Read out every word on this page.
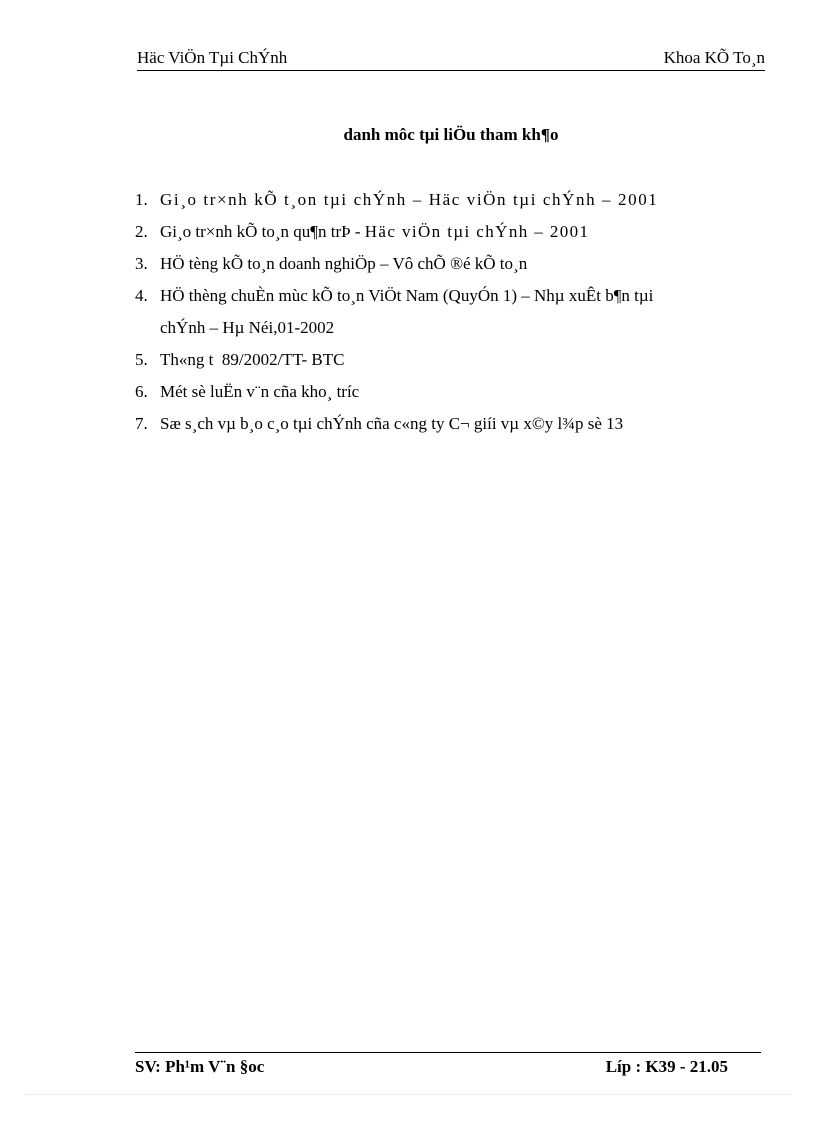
Häc ViÖn Tµi ChÝnh	Khoa KÕ To¸n
danh môc tµi liÖu tham kh¶o
1. Gi¸o tr×nh kÕ t¸on tµi chÝnh – Häc viÖn tµi chÝnh – 2001
2. Gi¸o tr×nh kÕ to¸n qu¶n trÞ - Häc viÖn tµi chÝnh – 2001
3. HÖ tèng kÕ to¸n doanh nghiÖp – Vô chÕ ®é kÕ to¸n
4. HÖ thèng chuÈn mùc kÕ to¸n ViÖt Nam (QuyÓn 1) – Nhµ xuÊt b¶n tµi
chÝnh – Hµ Néi,01-2002
5. Th«ng t  89/2002/TT- BTC
6. Mét sè luËn v¨n cña kho¸ tríc
7. Sæ s¸ch vµ b¸o c¸o tµi chÝnh cña c«ng ty C¬ giíi vµ x©y l¾p sè 13
SV: Ph¹m V¨n §oc	Líp : K39 - 21.05
